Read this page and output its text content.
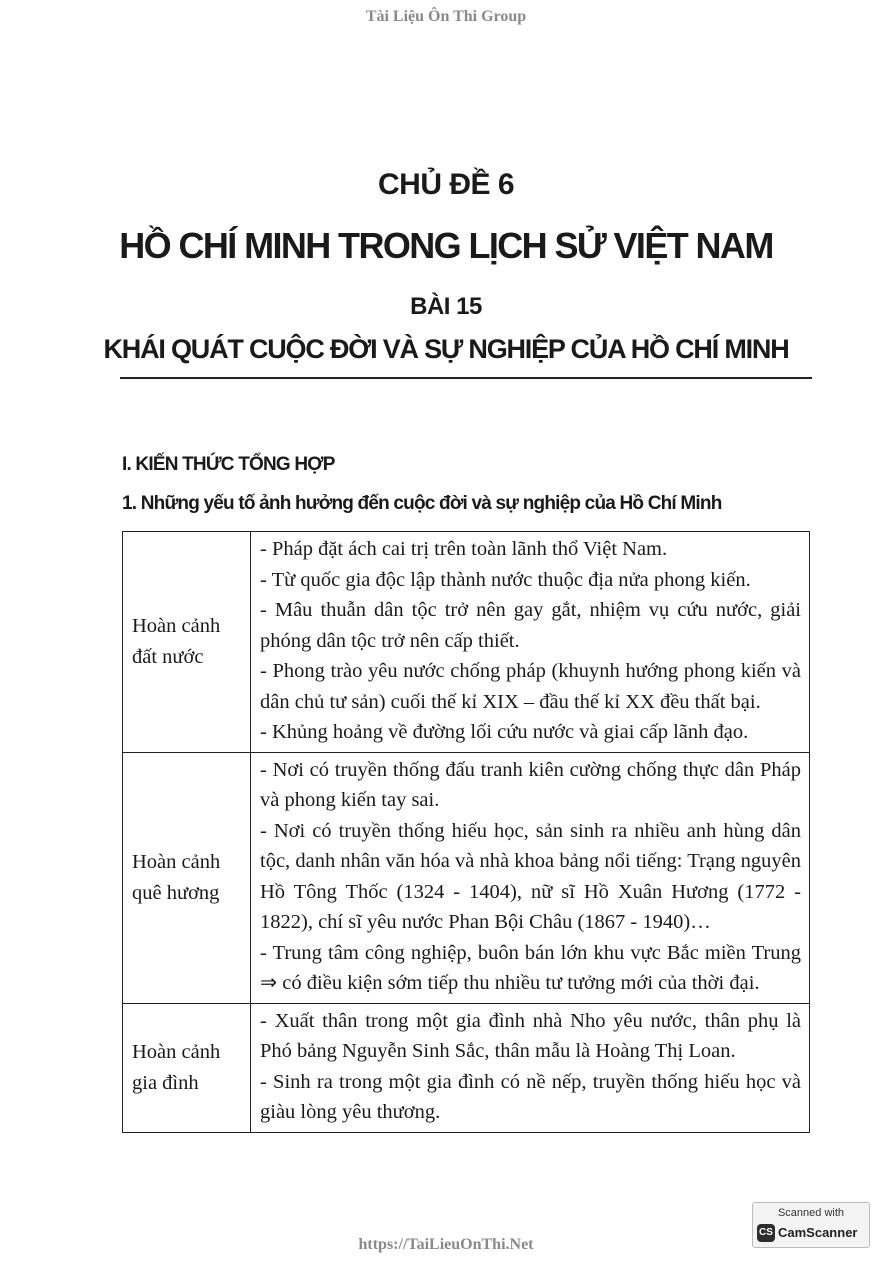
Tài Liệu Ôn Thi Group
CHỦ ĐỀ 6
HỒ CHÍ MINH TRONG LỊCH SỬ VIỆT NAM
BÀI 15
KHÁI QUÁT CUỘC ĐỜI VÀ SỰ NGHIỆP CỦA HỒ CHÍ MINH
I. KIẾN THỨC TỔNG HỢP
1. Những yếu tố ảnh hưởng đến cuộc đời và sự nghiệp của Hồ Chí Minh
Hoàn cảnh đất nước	- Pháp đặt ách cai trị trên toàn lãnh thổ Việt Nam.

- Từ quốc gia độc lập thành nước thuộc địa nửa phong kiến.

- Mâu thuẫn dân tộc trở nên gay gắt, nhiệm vụ cứu nước, giải phóng dân tộc trở nên cấp thiết.

- Phong trào yêu nước chống pháp (khuynh hướng phong kiến và dân chủ tư sản) cuối thế kỉ XIX – đầu thế kỉ XX đều thất bại.

- Khủng hoảng về đường lối cứu nước và giai cấp lãnh đạo.

Hoàn cảnh quê hương	- Nơi có truyền thống đấu tranh kiên cường chống thực dân Pháp và phong kiến tay sai.

- Nơi có truyền thống hiếu học, sản sinh ra nhiều anh hùng dân tộc, danh nhân văn hóa và nhà khoa bảng nổi tiếng: Trạng nguyên Hồ Tông Thốc (1324 - 1404), nữ sĩ Hồ Xuân Hương (1772 - 1822), chí sĩ yêu nước Phan Bội Châu (1867 - 1940)…

- Trung tâm công nghiệp, buôn bán lớn khu vực Bắc miền Trung ⇒ có điều kiện sớm tiếp thu nhiều tư tưởng mới của thời đại.

Hoàn cảnh gia đình	- Xuất thân trong một gia đình nhà Nho yêu nước, thân phụ là Phó bảng Nguyễn Sinh Sắc, thân mẫu là Hoàng Thị Loan.

- Sinh ra trong một gia đình có nề nếp, truyền thống hiếu học và giàu lòng yêu thương.

https://TaiLieuOnThi.Net
Scanned with
CS CamScanner
